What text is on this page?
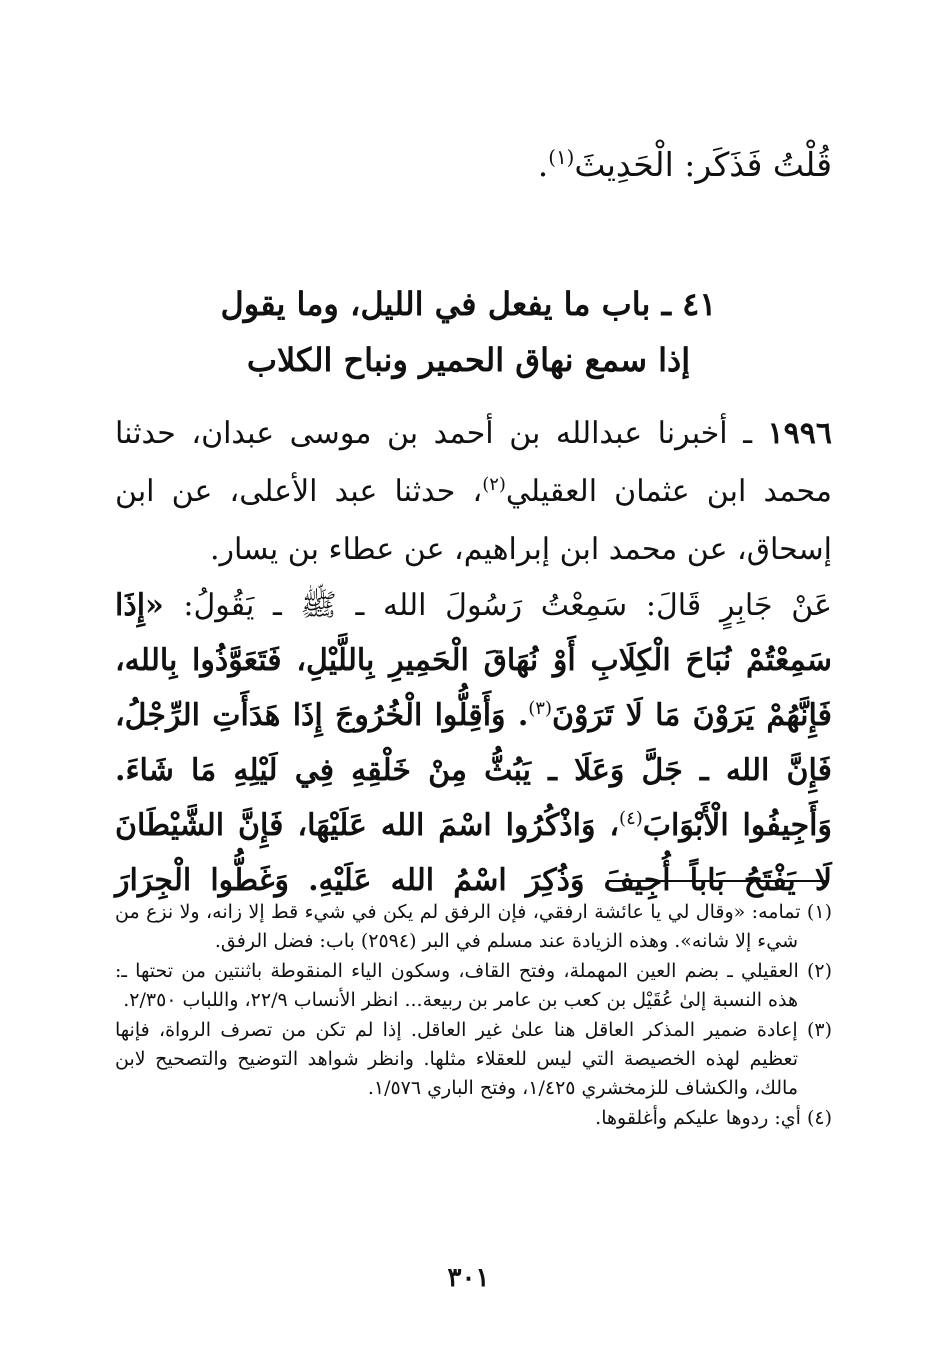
قُلْتُ فَذَكَر: الْحَدِيثَ$^{(١)}$.
٤١ ـ باب ما يفعل في الليل، وما يقول
إذا سمع نهاق الحمير ونباح الكلاب
١٩٩٦ ـ أخبرنا عبدالله بن أحمد بن موسى عبدان، حدثنا محمد ابن عثمان العقيلي$^{(٢)}$، حدثنا عبد الأعلى، عن ابن إسحاق، عن محمد ابن إبراهيم، عن عطاء بن يسار.
عَنْ جَابِرٍ قَالَ: سَمِعْتُ رَسُولَ الله ـ ﷺ ـ يَقُولُ: «إِذَا سَمِعْتُمْ نُبَاحَ الْكِلَابِ أَوْ نُهَاقَ الْحَمِيرِ بِاللَّيْلِ، فَتَعَوَّذُوا بِالله، فَإِنَّهُمْ يَرَوْنَ مَا لَا تَرَوْنَ$^{(٣)}$. وَأَقِلُّوا الْخُرُوجَ إِذَا هَدَأَتِ الرِّجْلُ، فَإِنَّ الله ـ جَلَّ وَعَلَا ـ يَبُثُّ مِنْ خَلْقِهِ فِي لَيْلِهِ مَا شَاءَ. وَأَجِيفُوا الْأَبْوَابَ$^{(٤)}$، وَاذْكُرُوا اسْمَ الله عَلَيْهَا، فَإِنَّ الشَّيْطَانَ لَا يَفْتَحُ بَاباً أُجِيفَ وَذُكِرَ اسْمُ الله عَلَيْهِ. وَغَطُّوا الْجِرَارَ
(١) تمامه: «وقال لي يا عائشة ارفقي، فإن الرفق لم يكن في شيء قط إلا زانه، ولا نزع من شيء إلا شانه». وهذه الزيادة عند مسلم في البر (٢٥٩٤) باب: فضل الرفق.
(٢) العقيلي ـ بضم العين المهملة، وفتح القاف، وسكون الياء المنقوطة باثنتين من تحتها ـ: هذه النسبة إلىٰ عُقَيْل بن كعب بن عامر بن ربيعة... انظر الأنساب ٢٢/٩، واللباب ٢/٣٥٠.
(٣) إعادة ضمير المذكر العاقل هنا علىٰ غير العاقل. إذا لم تكن من تصرف الرواة، فإنها تعظيم لهذه الخصيصة التي ليس للعقلاء مثلها. وانظر شواهد التوضيح والتصحيح لابن مالك، والكشاف للزمخشري ١/٤٢٥، وفتح الباري ١/٥٧٦.
(٤) أي: ردوها عليكم وأغلقوها.
٣٠١
